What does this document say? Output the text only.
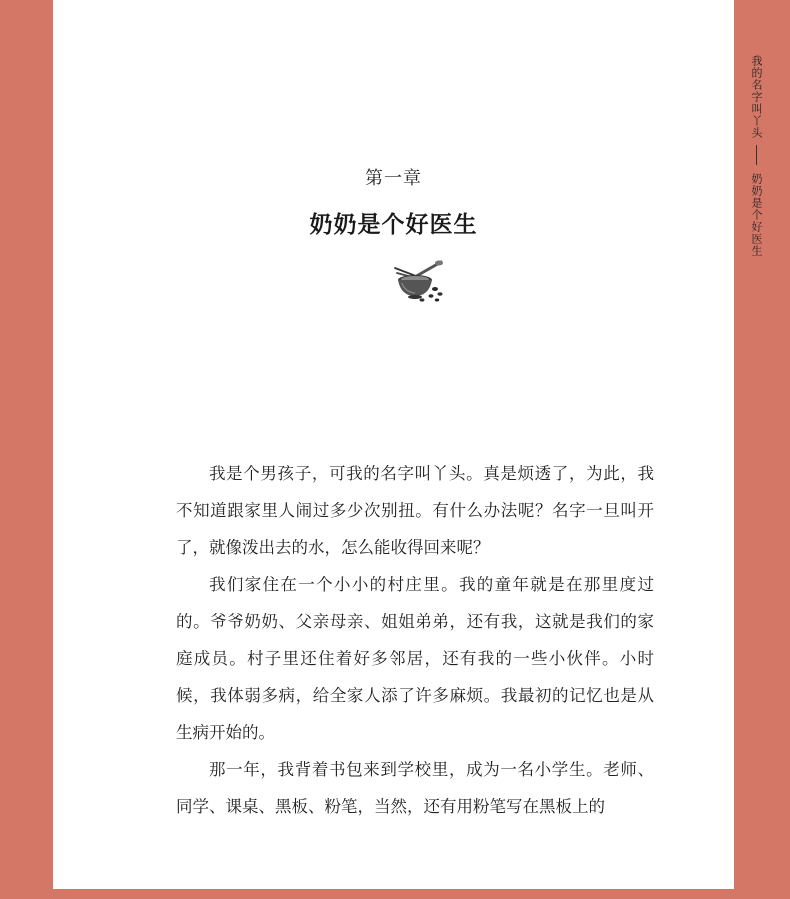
我的名字叫丫头
奶奶是个好医生
第一章
奶奶是个好医生

我是个男孩子，可我的名字叫丫头。真是烦透了，为此，我不知道跟家里人闹过多少次别扭。有什么办法呢？名字一旦叫开了，就像泼出去的水，怎么能收得回来呢？

我们家住在一个小小的村庄里。我的童年就是在那里度过的。爷爷奶奶、父亲母亲、姐姐弟弟，还有我，这就是我们的家庭成员。村子里还住着好多邻居，还有我的一些小伙伴。小时候，我体弱多病，给全家人添了许多麻烦。我最初的记忆也是从生病开始的。

那一年，我背着书包来到学校里，成为一名小学生。老师、同学、课桌、黑板、粉笔，当然，还有用粉笔写在黑板上的
